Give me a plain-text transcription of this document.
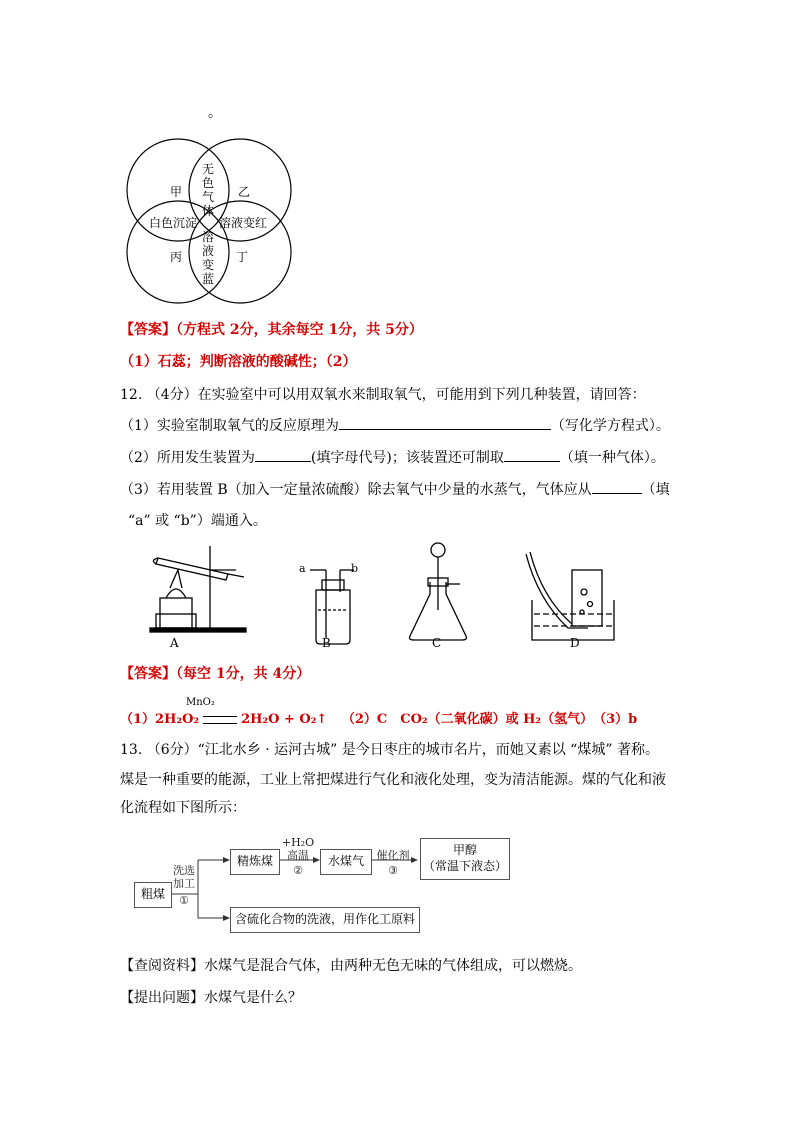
。
甲	乙
丙	丁
无色气体
白色沉淀 溶液变红
溶液变蓝
【答案】（方程式 2分，其余每空 1分，共 5分）
（1）石蕊；判断溶液的酸碱性；（2）
12. （4分）在实验室中可以用双氧水来制取氧气，可能用到下列几种装置，请回答：
（1）实验室制取氧气的反应原理为	（写化学方程式）。
（2）所用发生装置为	(填字母代号)；该装置还可制取	（填一种气体）。
（3）若用装置 B（加入一定量浓硫酸）除去氧气中少量的水蒸气，气体应从	（填
“a” 或 “b”）端通入。
a	b
A	B	C	D
【答案】（每空 1分，共 4分）
MnO₂
（1）2H₂O₂	2H₂O + O₂↑ （2）C　CO₂（二氧化碳）或 H₂（氢气）　（3）b
13. （6分）“江北水乡 · 运河古城” 是今日枣庄的城市名片，而她又素以 “煤城” 著称。
煤是一种重要的能源，工业上常把煤进行气化和液化处理，变为清洁能源。煤的气化和液
化流程如下图所示：
粗煤
洗选加工
①
精炼煤
+H₂O
高温
②
水煤气	催化剂
③
甲醇
（常温下液态）
含硫化合物的洗液，用作化工原料
【查阅资料】水煤气是混合气体，由两种无色无味的气体组成，可以燃烧。
【提出问题】水煤气是什么？
